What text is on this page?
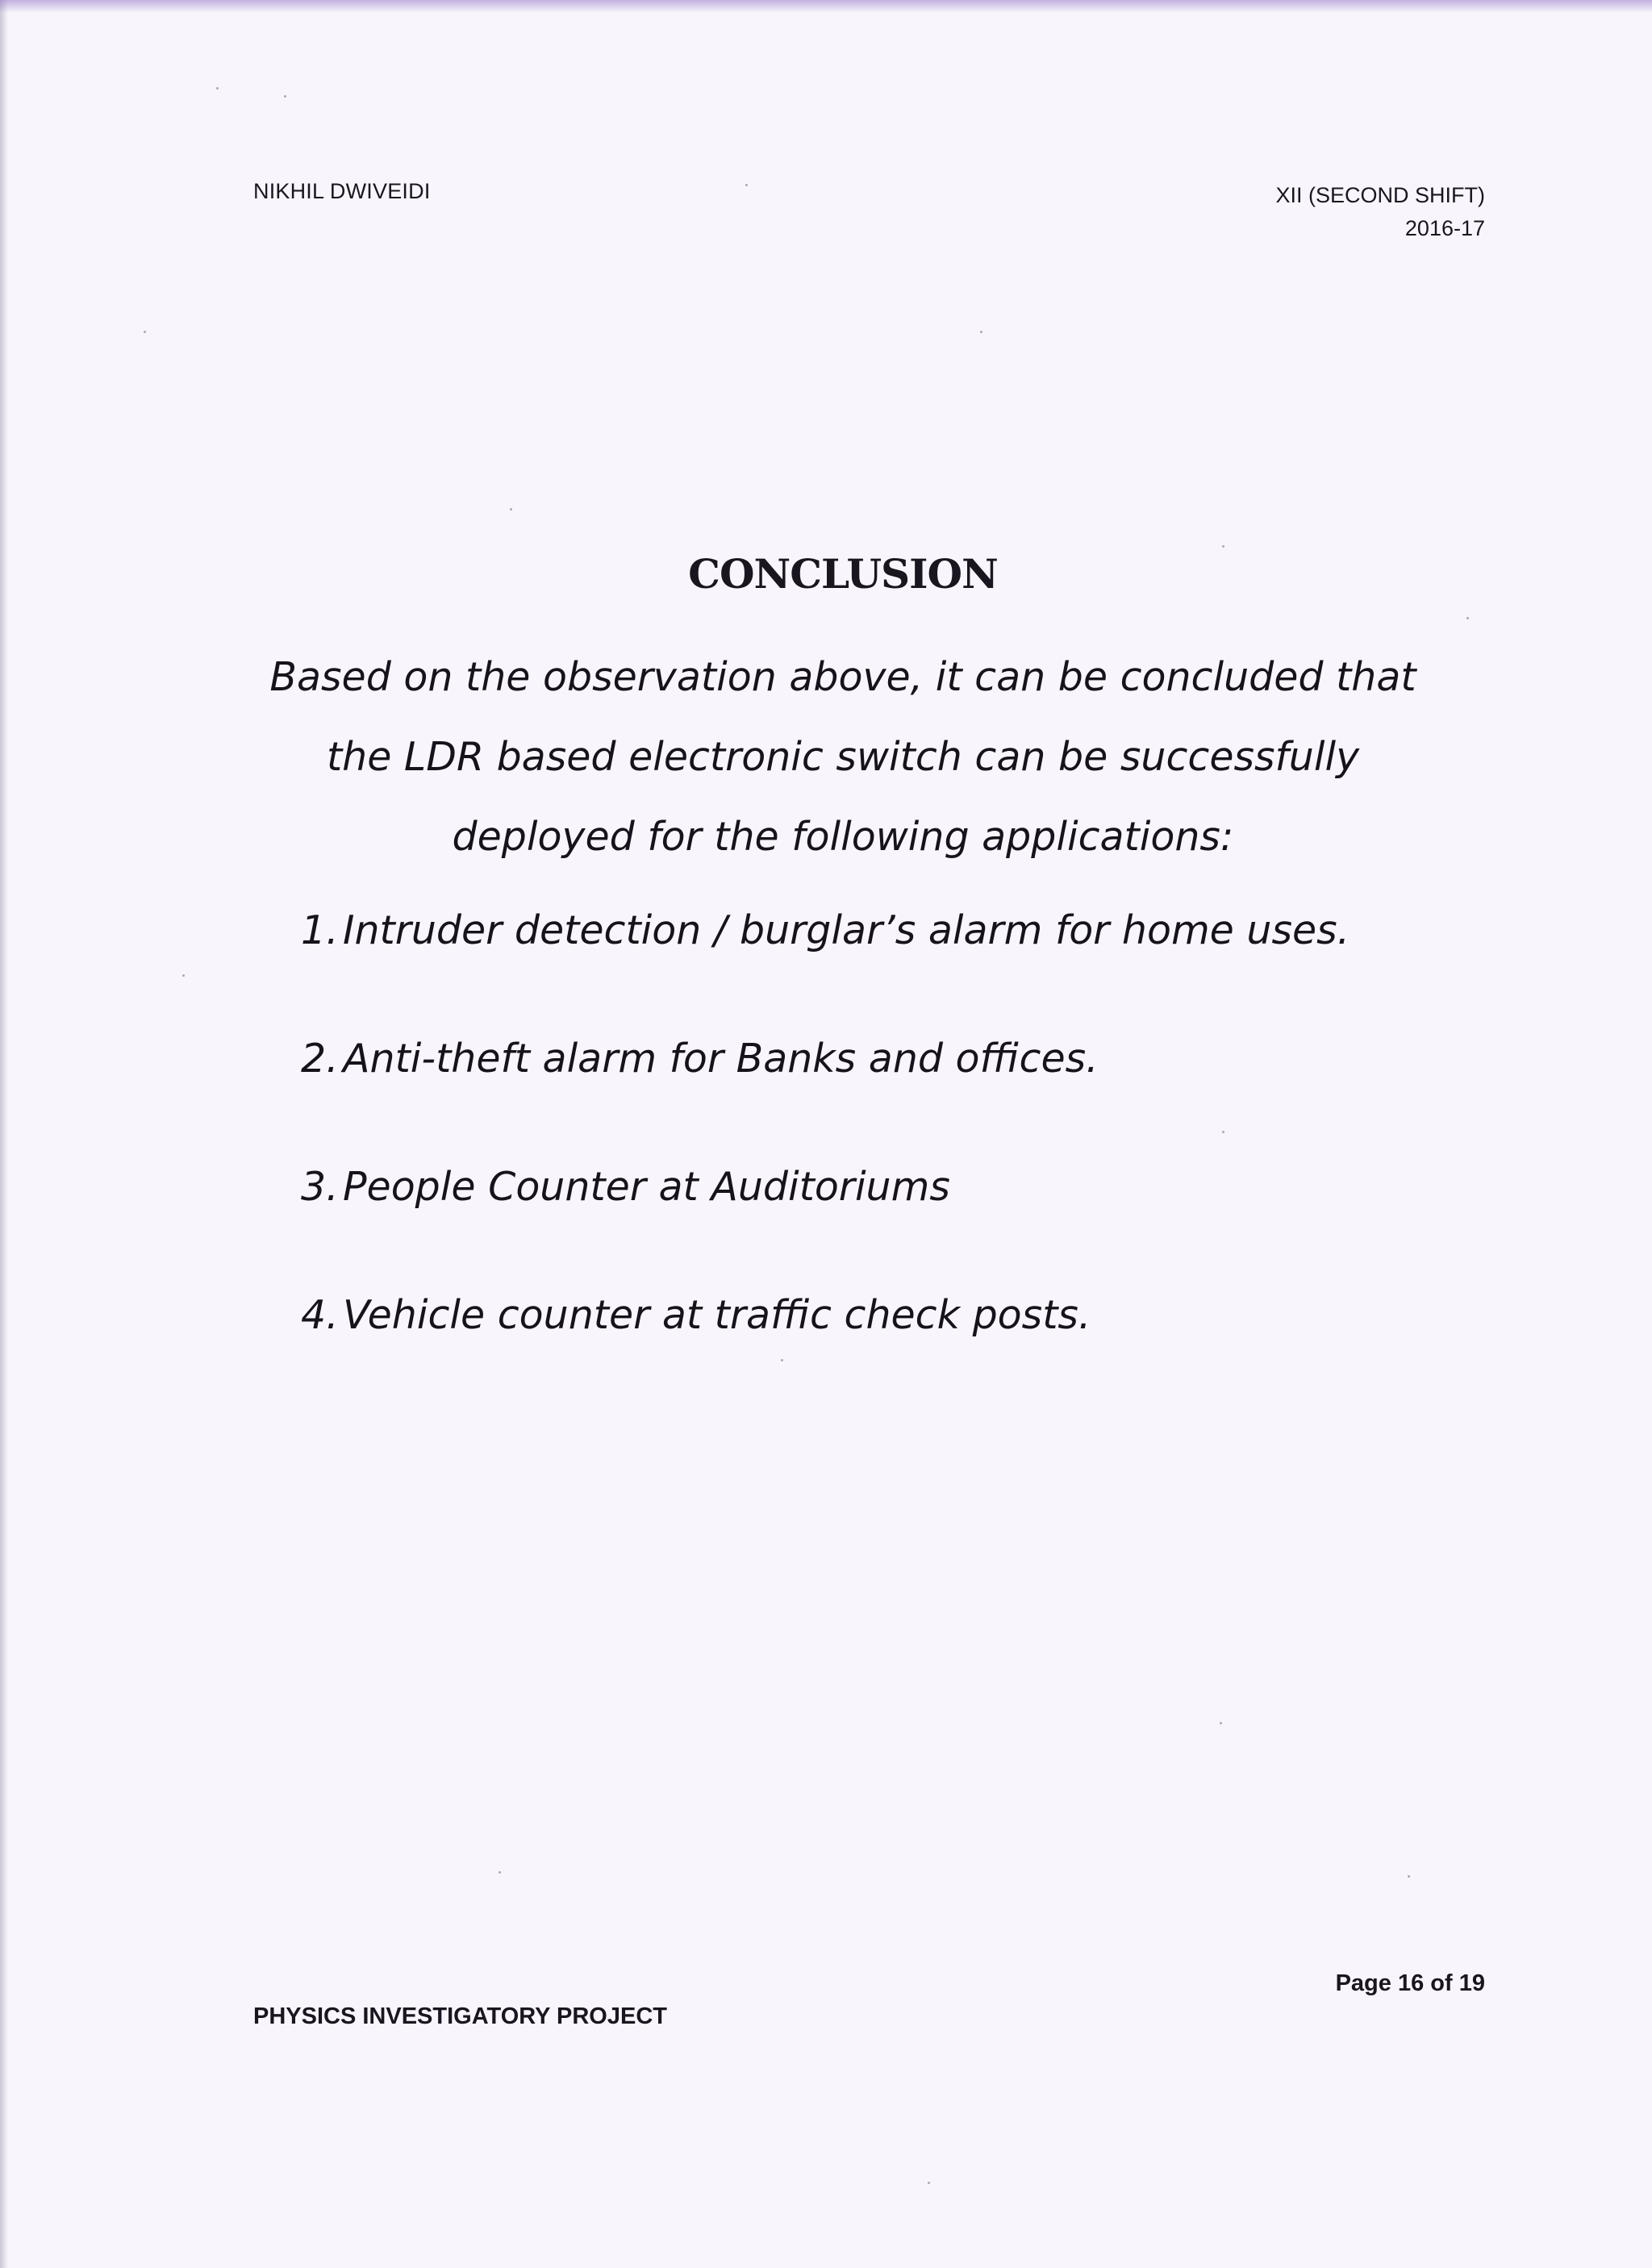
NIKHIL DWIVEIDI	XII (SECOND SHIFT)
2016-17
CONCLUSION
Based on the observation above, it can be concluded that
the LDR based electronic switch can be successfully
deployed for the following applications:
1. Intruder detection / burglar’s alarm for home uses.
2. Anti-theft alarm for Banks and offices.
3. People Counter at Auditoriums
4. Vehicle counter at traffic check posts.
Page 16 of 19
PHYSICS INVESTIGATORY PROJECT
